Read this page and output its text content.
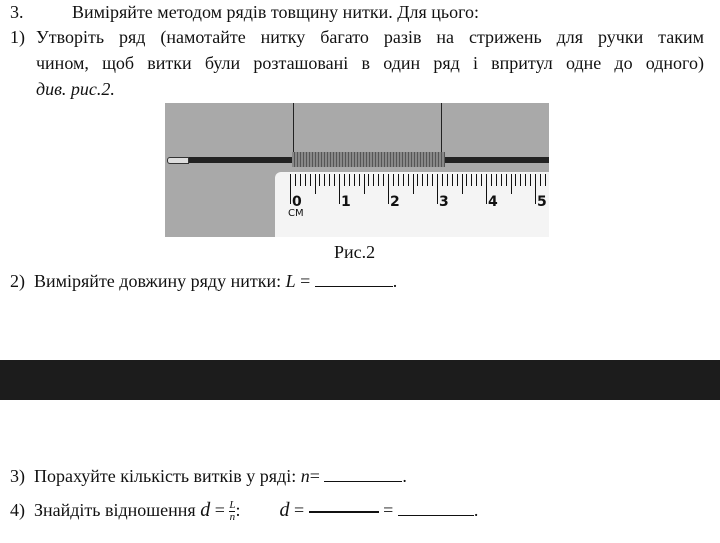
3.	Виміряйте методом рядів товщину нитки. Для цього:
1) Утворіть ряд (намотайте нитку багато разів на стрижень для ручки таким
чином, щоб витки були розташовані в один ряд і впритул одне до одного)
див. рис.2.
0	1	2	3	4	5
СМ
Рис.2
2) Виміряйте довжину ряду нитки: L =	.
3) Порахуйте кількість витків у ряді: n=	.
4) Знайдіть відношення $d = \frac{L}{n}$ : d =	=	.
